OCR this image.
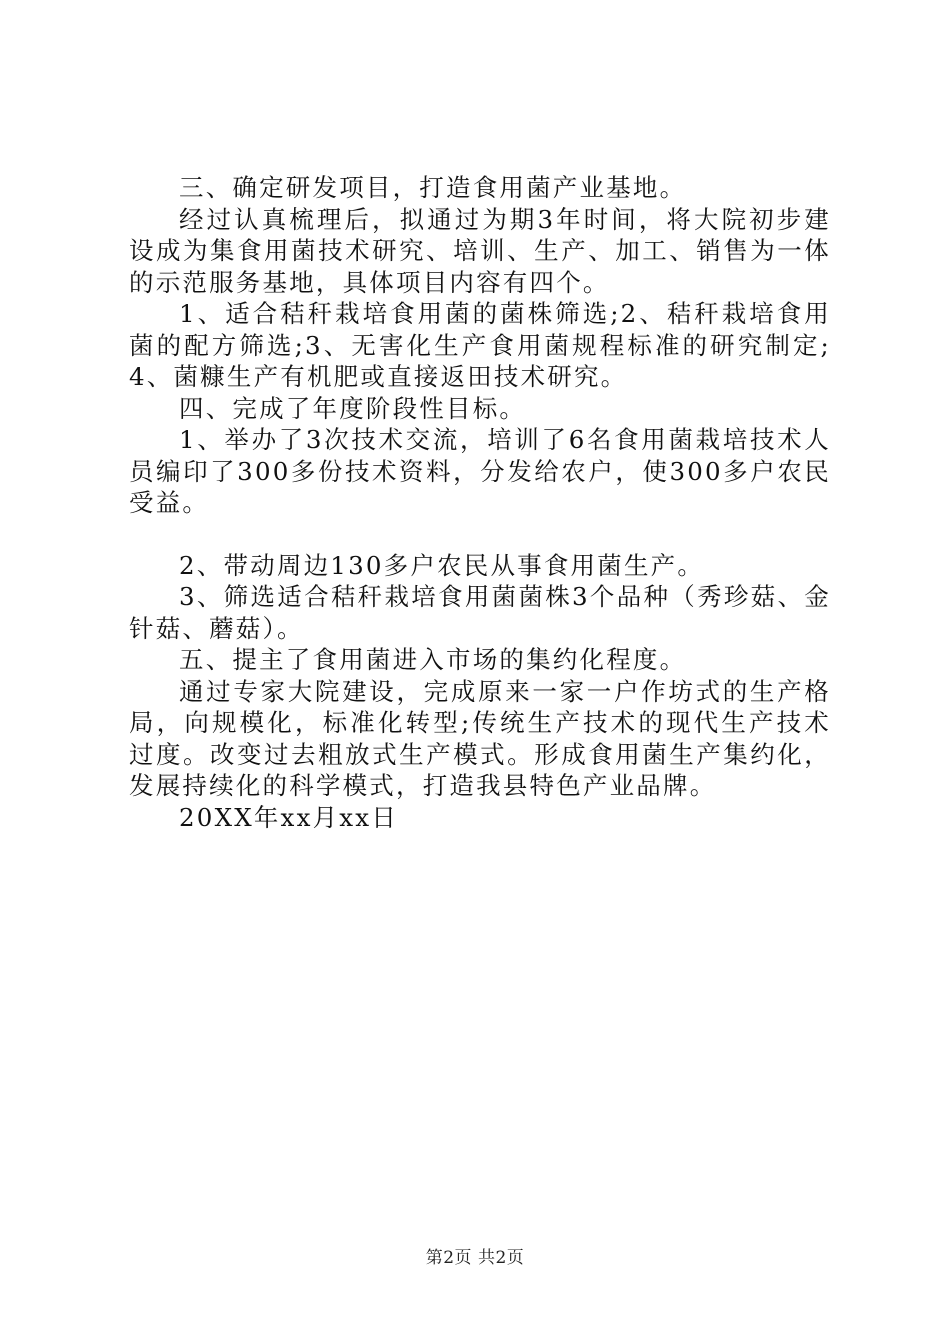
三、确定研发项目，打造食用菌产业基地。

经过认真梳理后，拟通过为期3年时间，将大院初步建设成为集食用菌技术研究、培训、生产、加工、销售为一体的示范服务基地，具体项目内容有四个。

1、适合秸秆栽培食用菌的菌株筛选;2、秸秆栽培食用菌的配方筛选;3、无害化生产食用菌规程标准的研究制定;4、菌糠生产有机肥或直接返田技术研究。

四、完成了年度阶段性目标。

1、举办了3次技术交流，培训了6名食用菌栽培技术人员编印了300多份技术资料，分发给农户，使300多户农民受益。

2、带动周边130多户农民从事食用菌生产。

3、筛选适合秸秆栽培食用菌菌株3个品种（秀珍菇、金针菇、蘑菇）。

五、提主了食用菌进入市场的集约化程度。

通过专家大院建设，完成原来一家一户作坊式的生产格局，向规模化，标准化转型;传统生产技术的现代生产技术过度。改变过去粗放式生产模式。形成食用菌生产集约化，发展持续化的科学模式，打造我县特色产业品牌。

20XX年xx月xx日

第2页 共2页
